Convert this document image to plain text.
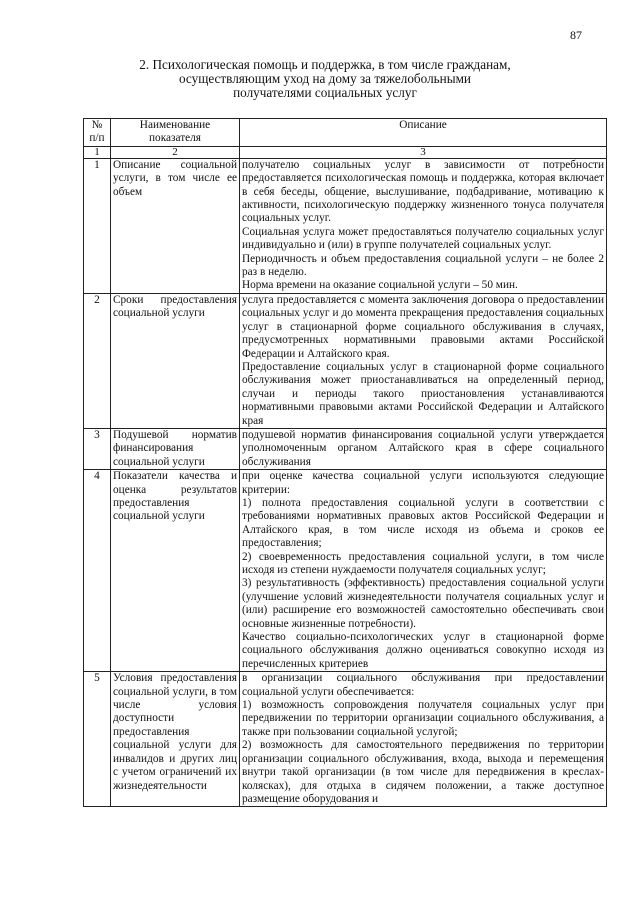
87
2. Психологическая помощь и поддержка, в том числе гражданам,
осуществляющим уход на дому за тяжелобольными
получателями социальных услуг
№ п/п	Наименование показателя	Описание
1	2	3
1	Описание социальной услуги, в том числе ее объем	получателю социальных услуг в зависимости от потребности предоставляется психологическая помощь и поддержка, которая включает в себя беседы, общение, выслушивание, подбадривание, мотивацию к активности, психологическую поддержку жизненного тонуса получателя социальных услуг.

Социальная услуга может предоставляться получателю социальных услуг индивидуально и (или) в группе получателей социальных услуг.

Периодичность и объем предоставления социальной услуги – не более 2 раз в неделю.

Норма времени на оказание социальной услуги – 50 мин.

2	Сроки предоставления социальной услуги	услуга предоставляется с момента заключения договора о предоставлении социальных услуг и до момента прекращения предоставления социальных услуг в стационарной форме социального обслуживания в случаях, предусмотренных нормативными правовыми актами Российской Федерации и Алтайского края.

Предоставление социальных услуг в стационарной форме социального обслуживания может приостанавливаться на определенный период, случаи и периоды такого приостановления устанавливаются нормативными правовыми актами Российской Федерации и Алтайского края

3	Подушевой норматив финансирования социальной услуги	подушевой норматив финансирования социальной услуги утверждается уполномоченным органом Алтайского края в сфере социального обслуживания

4	Показатели качества и оценка результатов предоставления социальной услуги	при оценке качества социальной услуги используются следующие критерии:

1) полнота предоставления социальной услуги в соответствии с требованиями нормативных правовых актов Российской Федерации и Алтайского края, в том числе исходя из объема и сроков ее предоставления;

2) своевременность предоставления социальной услуги, в том числе исходя из степени нуждаемости получателя социальных услуг;

3) результативность (эффективность) предоставления социальной услуги (улучшение условий жизнедеятельности получателя социальных услуг и (или) расширение его возможностей самостоятельно обеспечивать свои основные жизненные потребности).

Качество социально-психологических услуг в стационарной форме социального обслуживания должно оцениваться совокупно исходя из перечисленных критериев

5	Условия предоставления социальной услуги, в том числе условия доступности предоставления социальной услуги для инвалидов и других лиц с учетом ограничений их жизнедеятельности	в организации социального обслуживания при предоставлении социальной услуги обеспечивается:

1) возможность сопровождения получателя социальных услуг при передвижении по территории организации социального обслуживания, а также при пользовании социальной услугой;

2) возможность для самостоятельного передвижения по территории организации социального обслуживания, входа, выхода и перемещения внутри такой организации (в том числе для передвижения в креслах-колясках), для отдыха в сидячем положении, а также доступное размещение оборудования и
